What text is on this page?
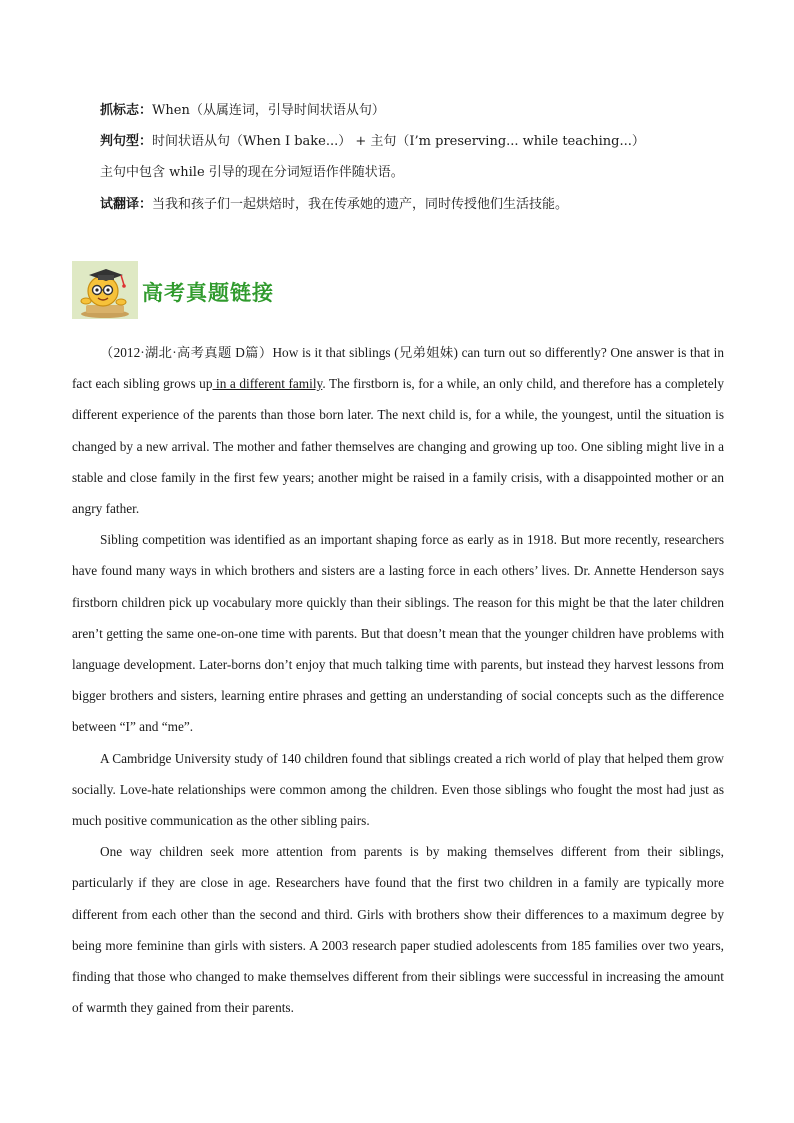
抓标志：When（从属连词，引导时间状语从句）
判句型：时间状语从句（When I bake...） + 主句（I’m preserving... while teaching...）
主句中包含 while 引导的现在分词短语作伴随状语。
试翻译：当我和孩子们一起烘焙时，我在传承她的遗产，同时传授他们生活技能。
高考真题链接

（2012·湖北·高考真题 D篇）How is it that siblings (兄弟姐妹) can turn out so differently? One answer is that in fact each sibling grows up in a different family. The firstborn is, for a while, an only child, and therefore has a completely different experience of the parents than those born later. The next child is, for a while, the youngest, until the situation is changed by a new arrival. The mother and father themselves are changing and growing up too. One sibling might live in a stable and close family in the first few years; another might be raised in a family crisis, with a disappointed mother or an angry father.

Sibling competition was identified as an important shaping force as early as in 1918. But more recently, researchers have found many ways in which brothers and sisters are a lasting force in each others’ lives. Dr. Annette Henderson says firstborn children pick up vocabulary more quickly than their siblings. The reason for this might be that the later children aren’t getting the same one-on-one time with parents. But that doesn’t mean that the younger children have problems with language development. Later-borns don’t enjoy that much talking time with parents, but instead they harvest lessons from bigger brothers and sisters, learning entire phrases and getting an understanding of social concepts such as the difference between “I” and “me”.

A Cambridge University study of 140 children found that siblings created a rich world of play that helped them grow socially. Love-hate relationships were common among the children. Even those siblings who fought the most had just as much positive communication as the other sibling pairs.

One way children seek more attention from parents is by making themselves different from their siblings, particularly if they are close in age. Researchers have found that the first two children in a family are typically more different from each other than the second and third. Girls with brothers show their differences to a maximum degree by being more feminine than girls with sisters. A 2003 research paper studied adolescents from 185 families over two years, finding that those who changed to make themselves different from their siblings were successful in increasing the amount of warmth they gained from their parents.
